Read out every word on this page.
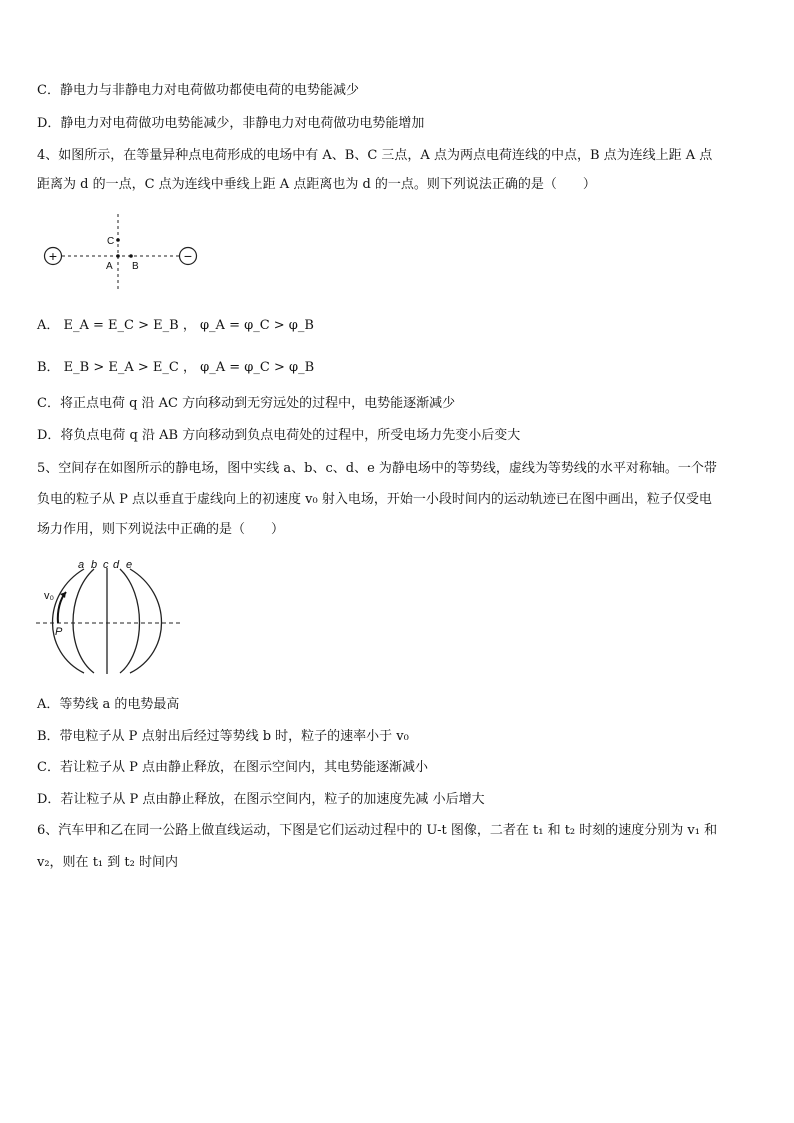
C．静电力与非静电力对电荷做功都使电荷的电势能减少
D．静电力对电荷做功电势能减少，非静电力对电荷做功电势能增加
4、如图所示，在等量异种点电荷形成的电场中有 A、B、C 三点，A 点为两点电荷连线的中点，B 点为连线上距 A 点
距离为 d 的一点，C 点为连线中垂线上距 A 点距离也为 d 的一点。则下列说法正确的是（　　）
+	−
C
A B
A． E_A = E_C > E_B ， φ_A = φ_C > φ_B
B． E_B > E_A > E_C ， φ_A = φ_C > φ_B
C．将正点电荷 q 沿 AC 方向移动到无穷远处的过程中，电势能逐渐减少
D．将负点电荷 q 沿 AB 方向移动到负点电荷处的过程中，所受电场力先变小后变大
5、空间存在如图所示的静电场，图中实线 a、b、c、d、e 为静电场中的等势线，虚线为等势线的水平对称轴。一个带
负电的粒子从 P 点以垂直于虚线向上的初速度 v₀ 射入电场，开始一小段时间内的运动轨迹已在图中画出，粒子仅受电
场力作用，则下列说法中正确的是（　　）
a b c d e
v₀
P
A．等势线 a 的电势最高
B．带电粒子从 P 点射出后经过等势线 b 时，粒子的速率小于 v₀
C．若让粒子从 P 点由静止释放，在图示空间内，其电势能逐渐减小
D．若让粒子从 P 点由静止释放，在图示空间内，粒子的加速度先减 小后增大
6、汽车甲和乙在同一公路上做直线运动，下图是它们运动过程中的 U-t 图像，二者在 t₁ 和 t₂ 时刻的速度分别为 v₁ 和
v₂，则在 t₁ 到 t₂ 时间内
